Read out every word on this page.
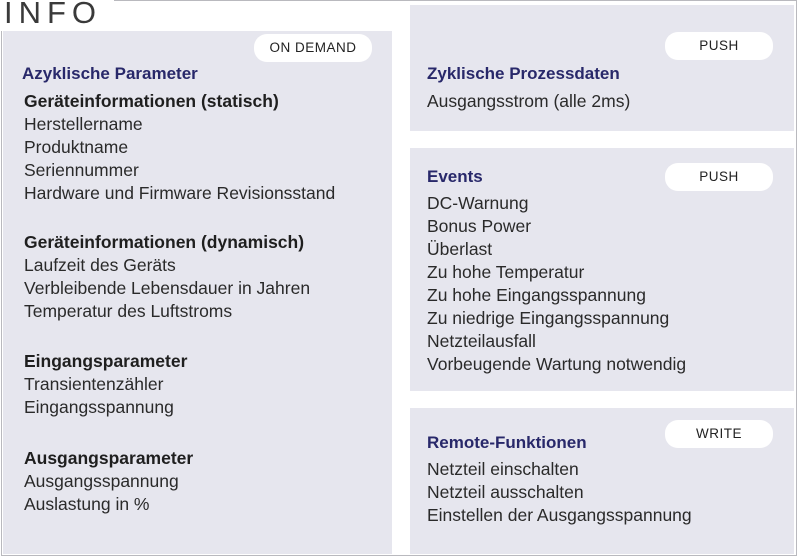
INFO
ON DEMAND
Azyklische Parameter
Geräteinformationen (statisch)
Herstellername
Produktname
Seriennummer
Hardware und Firmware Revisionsstand
Geräteinformationen (dynamisch)
Laufzeit des Geräts
Verbleibende Lebensdauer in Jahren
Temperatur des Luftstroms
Eingangsparameter
Transientenzähler
Eingangsspannung
Ausgangsparameter
Ausgangsspannung
Auslastung in %
PUSH
Zyklische Prozessdaten
Ausgangsstrom (alle 2ms)
PUSH
Events
DC-Warnung
Bonus Power
Überlast
Zu hohe Temperatur
Zu hohe Eingangsspannung
Zu niedrige Eingangsspannung
Netzteilausfall
Vorbeugende Wartung notwendig
WRITE
Remote-Funktionen
Netzteil einschalten
Netzteil ausschalten
Einstellen der Ausgangsspannung
